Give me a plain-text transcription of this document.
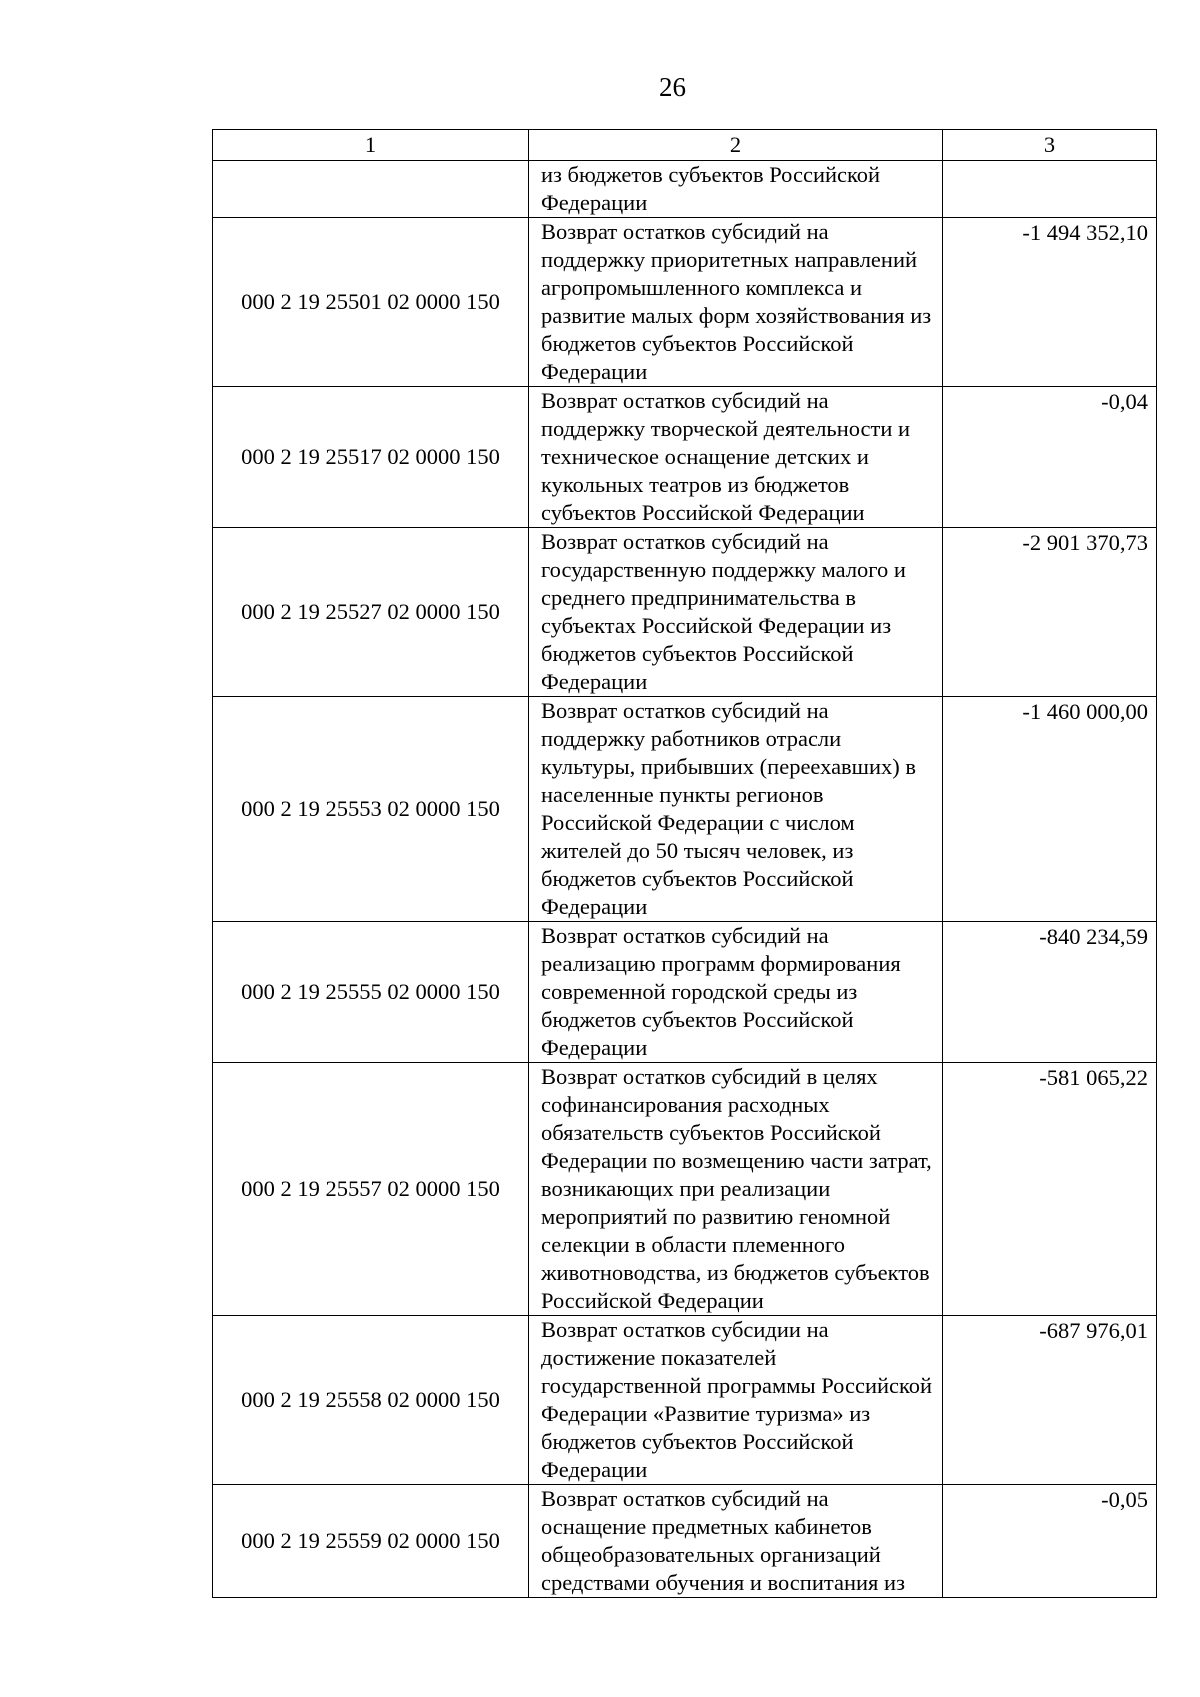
26
1	2	3
	из бюджетов субъектов Российской Федерации	
000 2 19 25501 02 0000 150	Возврат остатков субсидий на поддержку приоритетных направлений агропромышленного комплекса и развитие малых форм хозяйствования из бюджетов субъектов Российской Федерации	-1 494 352,10
000 2 19 25517 02 0000 150	Возврат остатков субсидий на поддержку творческой деятельности и техническое оснащение детских и кукольных театров из бюджетов субъектов Российской Федерации	-0,04
000 2 19 25527 02 0000 150	Возврат остатков субсидий на государственную поддержку малого и среднего предпринимательства в субъектах Российской Федерации из бюджетов субъектов Российской Федерации	-2 901 370,73
000 2 19 25553 02 0000 150	Возврат остатков субсидий на поддержку работников отрасли культуры, прибывших (переехавших) в населенные пункты регионов Российской Федерации с числом жителей до 50 тысяч человек, из бюджетов субъектов Российской Федерации	-1 460 000,00
000 2 19 25555 02 0000 150	Возврат остатков субсидий на реализацию программ формирования современной городской среды из бюджетов субъектов Российской Федерации	-840 234,59
000 2 19 25557 02 0000 150	Возврат остатков субсидий в целях софинансирования расходных обязательств субъектов Российской Федерации по возмещению части затрат, возникающих при реализации мероприятий по развитию геномной селекции в области племенного животноводства, из бюджетов субъектов Российской Федерации	-581 065,22
000 2 19 25558 02 0000 150	Возврат остатков субсидии на достижение показателей государственной программы Российской Федерации «Развитие туризма» из бюджетов субъектов Российской Федерации	-687 976,01
000 2 19 25559 02 0000 150	Возврат остатков субсидий на оснащение предметных кабинетов общеобразовательных организаций средствами обучения и воспитания из	-0,05
